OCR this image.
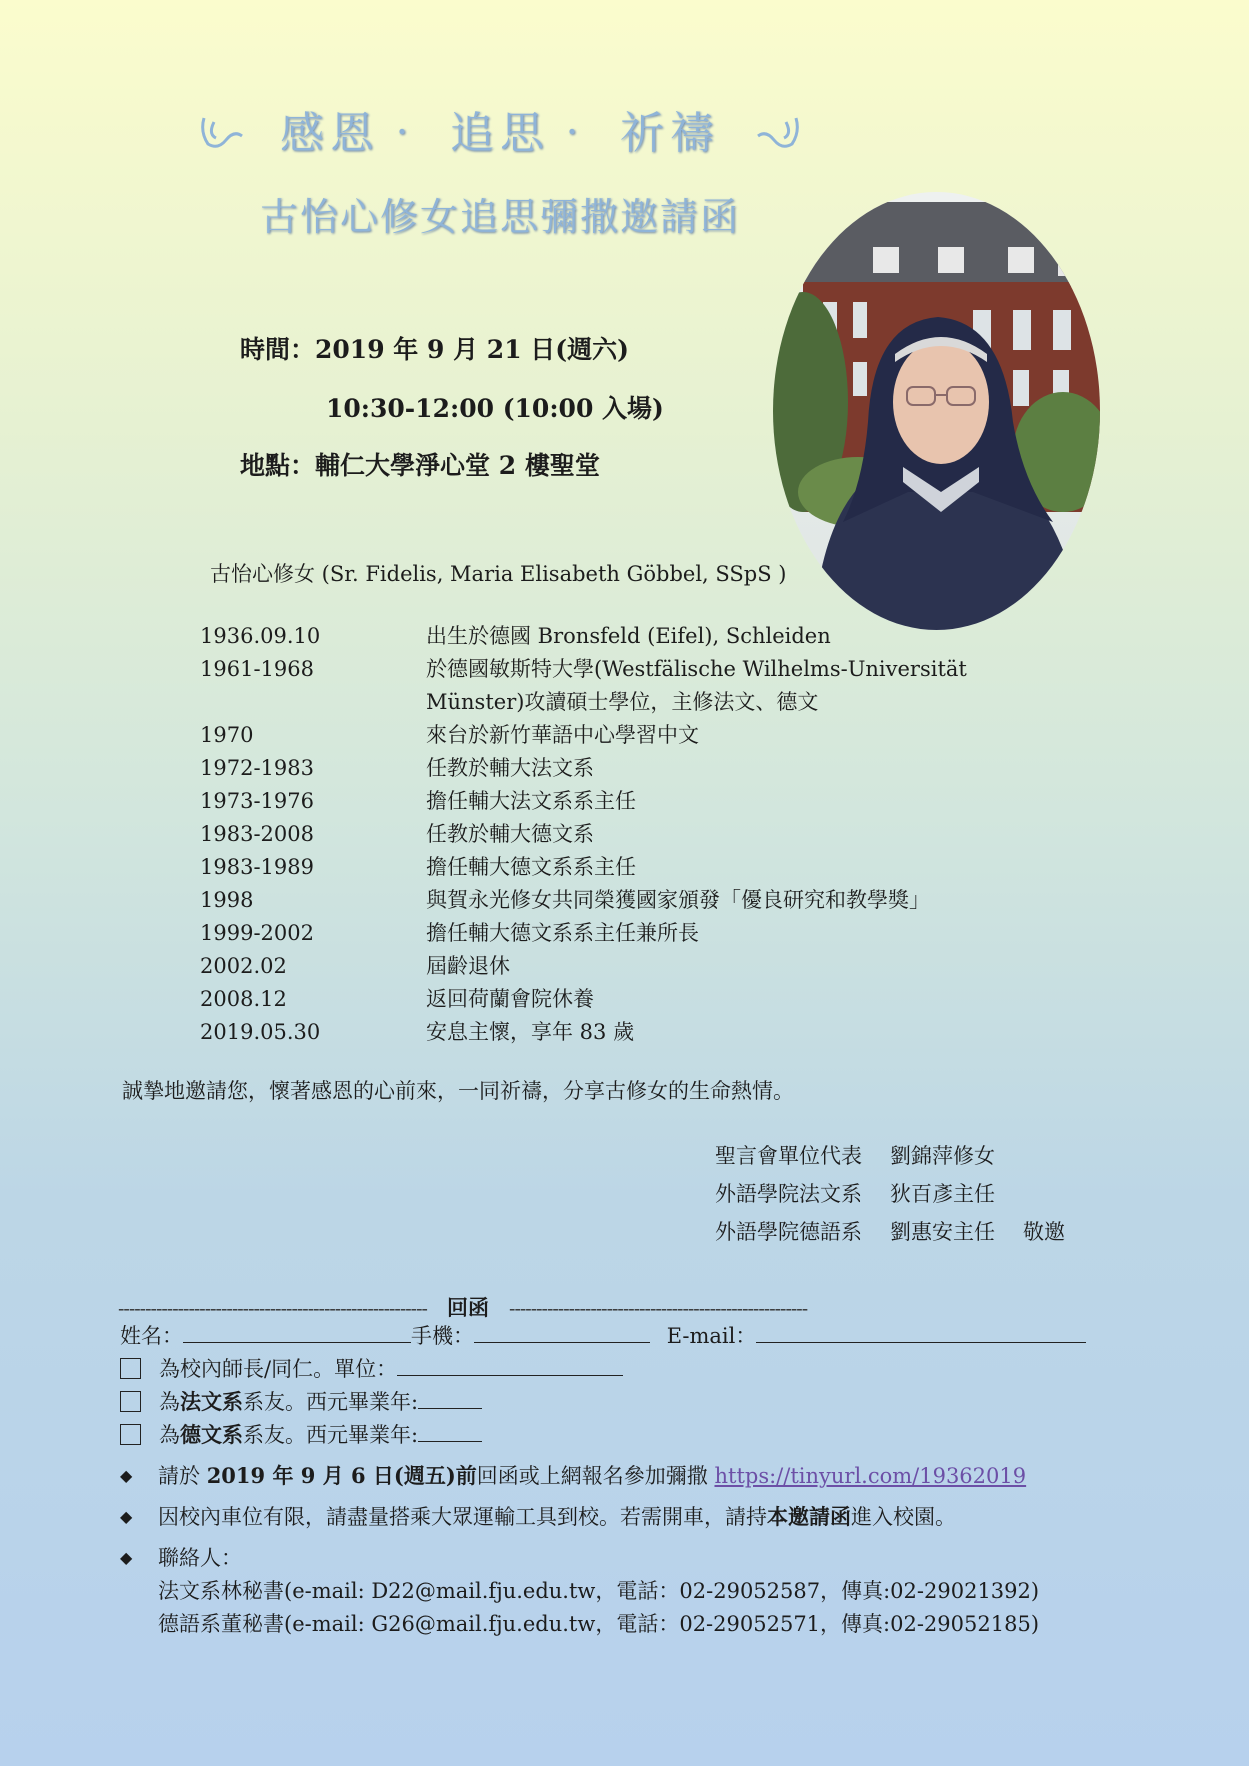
感恩‧ 追思‧ 祈禱
古怡心修女追思彌撒邀請函
時間：2019 年 9 月 21 日(週六)
10:30-12:00 (10:00 入場)
地點：輔仁大學淨心堂 2 樓聖堂
古怡心修女 (Sr. Fidelis, Maria Elisabeth Göbbel, SSpS )
1936.09.10	出生於德國 Bronsfeld (Eifel), Schleiden
1961-1968	於德國敏斯特大學(Westfälische Wilhelms-Universität
Münster)攻讀碩士學位，主修法文、德文
1970	來台於新竹華語中心學習中文
1972-1983	任教於輔大法文系
1973-1976	擔任輔大法文系系主任
1983-2008	任教於輔大德文系
1983-1989	擔任輔大德文系系主任
1998	與賀永光修女共同榮獲國家頒發「優良研究和教學獎」
1999-2002	擔任輔大德文系系主任兼所長
2002.02	屆齡退休
2008.12	返回荷蘭會院休養
2019.05.30	安息主懷，享年 83 歲
誠摯地邀請您，懷著感恩的心前來，一同祈禱，分享古修女的生命熱情。
聖言會單位代表 劉錦萍修女
外語學院法文系 狄百彥主任
外語學院德語系 劉惠安主任 敬邀
--------------------------------------------------------- 回函 -------------------------------------------------------
姓名：	手機：	E-mail：
為校內師長/同仁。單位：
為法文系系友。西元畢業年:
為德文系系友。西元畢業年:
◆ 請於 2019 年 9 月 6 日(週五)前回函或上網報名參加彌撒 https://tinyurl.com/19362019
◆ 因校內車位有限，請盡量搭乘大眾運輸工具到校。若需開車，請持本邀請函進入校園。
◆ 聯絡人：
法文系林秘書(e-mail: D22@mail.fju.edu.tw，電話：02-29052587，傳真:02-29021392)
德語系董秘書(e-mail: G26@mail.fju.edu.tw，電話：02-29052571，傳真:02-29052185)
